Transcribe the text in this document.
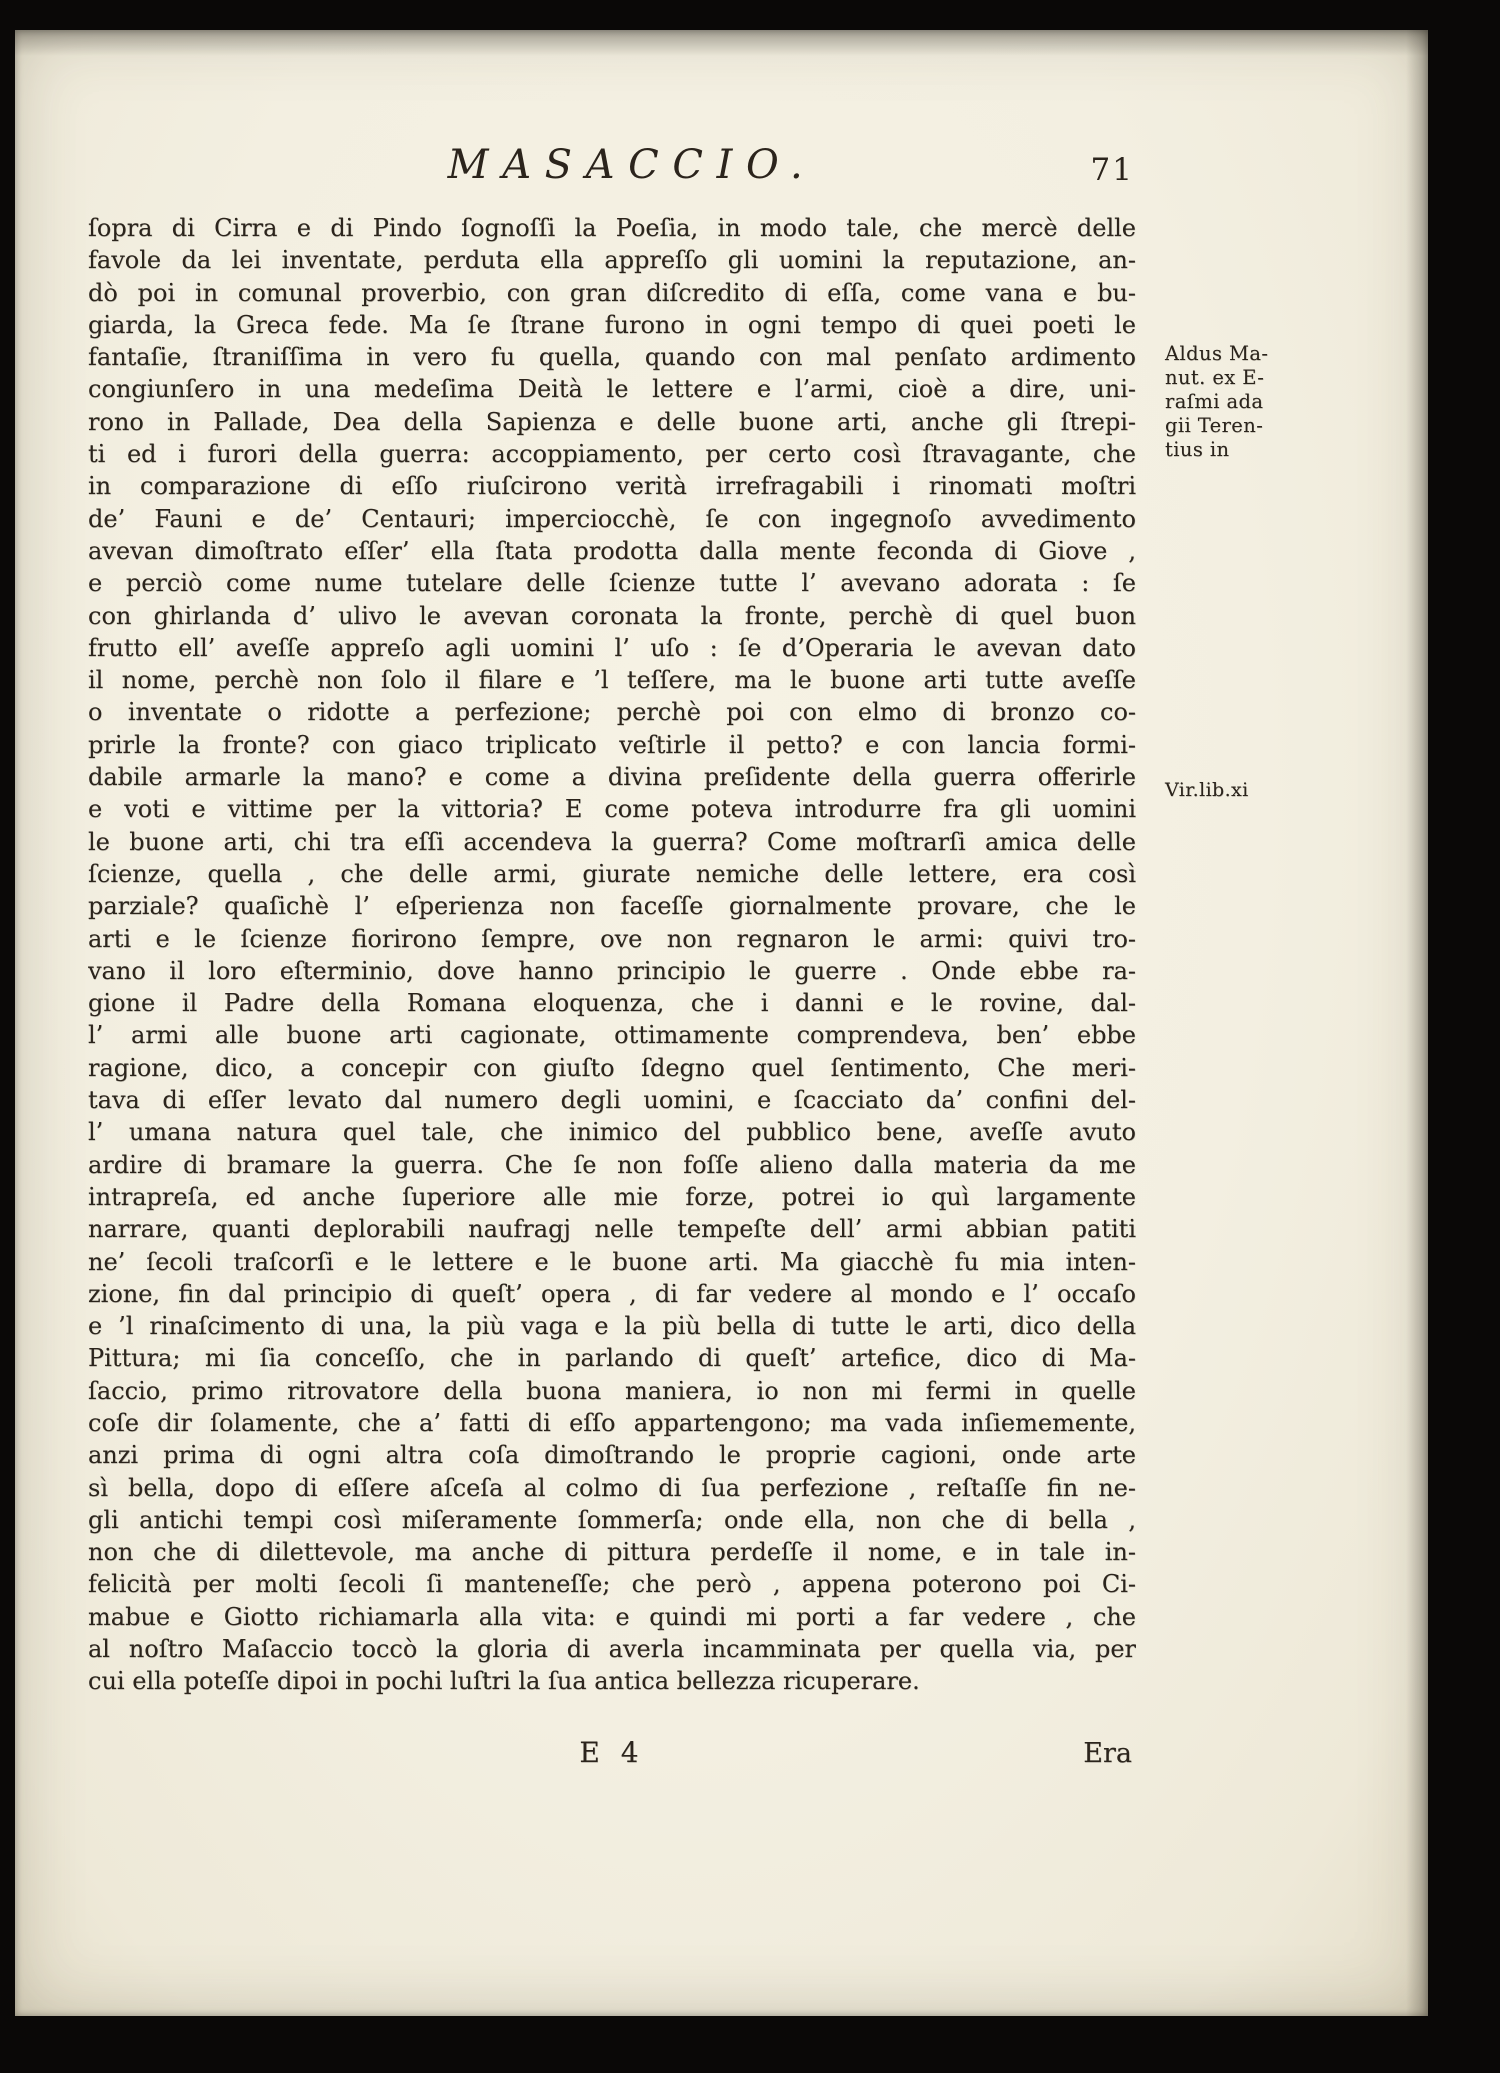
MASACCIO.	71
ſopra di Cirra e di Pindo ſognoſſi la Poeſia, in modo tale, che mercè delle
favole da lei inventate, perduta ella appreſſo gli uomini la reputazione, an-
dò poi in comunal proverbio, con gran diſcredito di eſſa, come vana e bu-
giarda, la Greca fede. Ma ſe ſtrane furono in ogni tempo di quei poeti le
fantaſie, ſtraniſſima in vero fu quella, quando con mal penſato ardimento
congiunſero in una medeſima Deità le lettere e l’armi, cioè a dire, uni-
rono in Pallade, Dea della Sapienza e delle buone arti, anche gli ſtrepi-
ti ed i furori della guerra: accoppiamento, per certo così ſtravagante, che
in comparazione di eſſo riuſcirono verità irrefragabili i rinomati moſtri
de’ Fauni e de’ Centauri; imperciocchè, ſe con ingegnoſo avvedimento
avevan dimoſtrato eſſer’ ella ſtata prodotta dalla mente feconda di Giove ,
e perciò come nume tutelare delle ſcienze tutte l’ avevano adorata : ſe
con ghirlanda d’ ulivo le avevan coronata la fronte, perchè di quel buon
frutto ell’ aveſſe appreſo agli uomini l’ uſo : ſe d’Operaria le avevan dato
il nome, perchè non ſolo il filare e ’l teſſere, ma le buone arti tutte aveſſe
o inventate o ridotte a perfezione; perchè poi con elmo di bronzo co-
prirle la fronte? con giaco triplicato veſtirle il petto? e con lancia formi-
dabile armarle la mano? e come a divina preſidente della guerra offerirle
e voti e vittime per la vittoria? E come poteva introdurre fra gli uomini
le buone arti, chi tra eſſi accendeva la guerra? Come moſtrarſi amica delle
ſcienze, quella , che delle armi, giurate nemiche delle lettere, era così
parziale? quaſichè l’ eſperienza non faceſſe giornalmente provare, che le
arti e le ſcienze fiorirono ſempre, ove non regnaron le armi: quivi tro-
vano il loro eſterminio, dove hanno principio le guerre . Onde ebbe ra-
gione il Padre della Romana eloquenza, che i danni e le rovine, dal-
l’ armi alle buone arti cagionate, ottimamente comprendeva, ben’ ebbe
ragione, dico, a concepir con giuſto ſdegno quel ſentimento, Che meri-
tava di eſſer levato dal numero degli uomini, e ſcacciato da’ confini del-
l’ umana natura quel tale, che inimico del pubblico bene, aveſſe avuto
ardire di bramare la guerra. Che ſe non foſſe alieno dalla materia da me
intrapreſa, ed anche ſuperiore alle mie forze, potrei io quì largamente
narrare, quanti deplorabili naufragj nelle tempeſte dell’ armi abbian patiti
ne’ ſecoli traſcorſi e le lettere e le buone arti. Ma giacchè fu mia inten-
zione, fin dal principio di queſt’ opera , di far vedere al mondo e l’ occaſo
e ’l rinaſcimento di una, la più vaga e la più bella di tutte le arti, dico della
Pittura; mi ſia conceſſo, che in parlando di queſt’ artefice, dico di Ma-
ſaccio, primo ritrovatore della buona maniera, io non mi fermi in quelle
coſe dir ſolamente, che a’ fatti di eſſo appartengono; ma vada inſiememente,
anzi prima di ogni altra coſa dimoſtrando le proprie cagioni, onde arte
sì bella, dopo di eſſere aſceſa al colmo di ſua perfezione , reſtaſſe fin ne-
gli antichi tempi così miſeramente ſommerſa; onde ella, non che di bella ,
non che di dilettevole, ma anche di pittura perdeſſe il nome, e in tale in-
felicità per molti ſecoli ſi manteneſſe; che però , appena poterono poi Ci-
mabue e Giotto richiamarla alla vita: e quindi mi porti a far vedere , che
al noſtro Maſaccio toccò la gloria di averla incamminata per quella via, per
cui ella poteſſe dipoi in pochi luſtri la ſua antica bellezza ricuperare.
Aldus Ma-
nut. ex E-
raſmi ada
gii Teren-
tius in
Vir.lib.xi
E 4	Era
